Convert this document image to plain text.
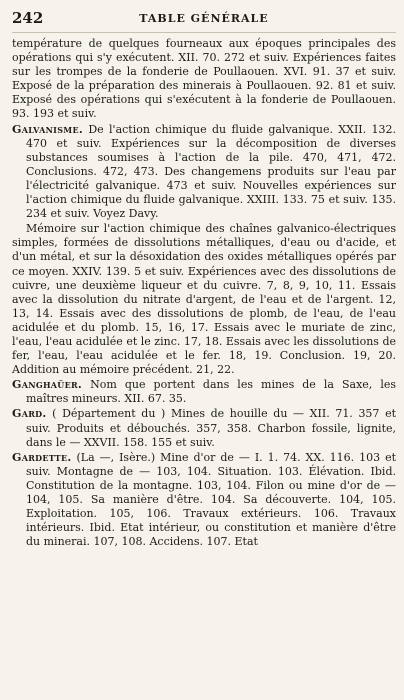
242	TABLE GÉNÉRALE

température de quelques fourneaux aux époques principales des opérations qui s'y exécutent. XII. 70. 272 et suiv. Expériences faites sur les trompes de la fonderie de Poullaouen. XVI. 91. 37 et suiv. Exposé de la préparation des minerais à Poullaouen. 92. 81 et suiv. Exposé des opérations qui s'exécutent à la fonderie de Poullaouen. 93. 193 et suiv.

Galvanisme. De l'action chimique du fluide galvanique. XXII. 132. 470 et suiv. Expériences sur la décomposition de diverses substances soumises à l'action de la pile. 470, 471, 472. Conclusions. 472, 473. Des changemens produits sur l'eau par l'électricité galvanique. 473 et suiv. Nouvelles expériences sur l'action chimique du fluide galvanique. XXIII. 133. 75 et suiv. 135. 234 et suiv. Voyez Davy.

Mémoire sur l'action chimique des chaînes galvanico-électriques simples, formées de dissolutions métalliques, d'eau ou d'acide, et d'un métal, et sur la désoxidation des oxides métalliques opérés par ce moyen. XXIV. 139. 5 et suiv. Expériences avec des dissolutions de cuivre, une deuxième liqueur et du cuivre. 7, 8, 9, 10, 11. Essais avec la dissolution du nitrate d'argent, de l'eau et de l'argent. 12, 13, 14. Essais avec des dissolutions de plomb, de l'eau, de l'eau aciduléе et du plomb. 15, 16, 17. Essais avec le muriate de zinc, l'eau, l'eau acidulée et le zinc. 17, 18. Essais avec les dissolutions de fer, l'eau, l'eau acidulée et le fer. 18, 19. Conclusion. 19, 20. Addition au mémoire précédent. 21, 22.

Ganghaüer. Nom que portent dans les mines de la Saxe, les maîtres mineurs. XII. 67. 35.

Gard. ( Département du ) Mines de houille du — XII. 71. 357 et suiv. Produits et débouchés. 357, 358. Charbon fossile, lignite, dans le — XXVII. 158. 155 et suiv.

Gardette. (La —, Isère.) Mine d'or de — I. 1. 74. XX. 116. 103 et suiv. Montagne de — 103, 104. Situation. 103. Élévation. Ibid. Constitution de la montagne. 103, 104. Filon ou mine d'or de — 104, 105. Sa manière d'être. 104. Sa découverte. 104, 105. Exploitation. 105, 106. Travaux extérieurs. 106. Travaux intérieurs. Ibid. Etat intérieur, ou constitution et manière d'être du minerai. 107, 108. Accidens. 107. Etat
